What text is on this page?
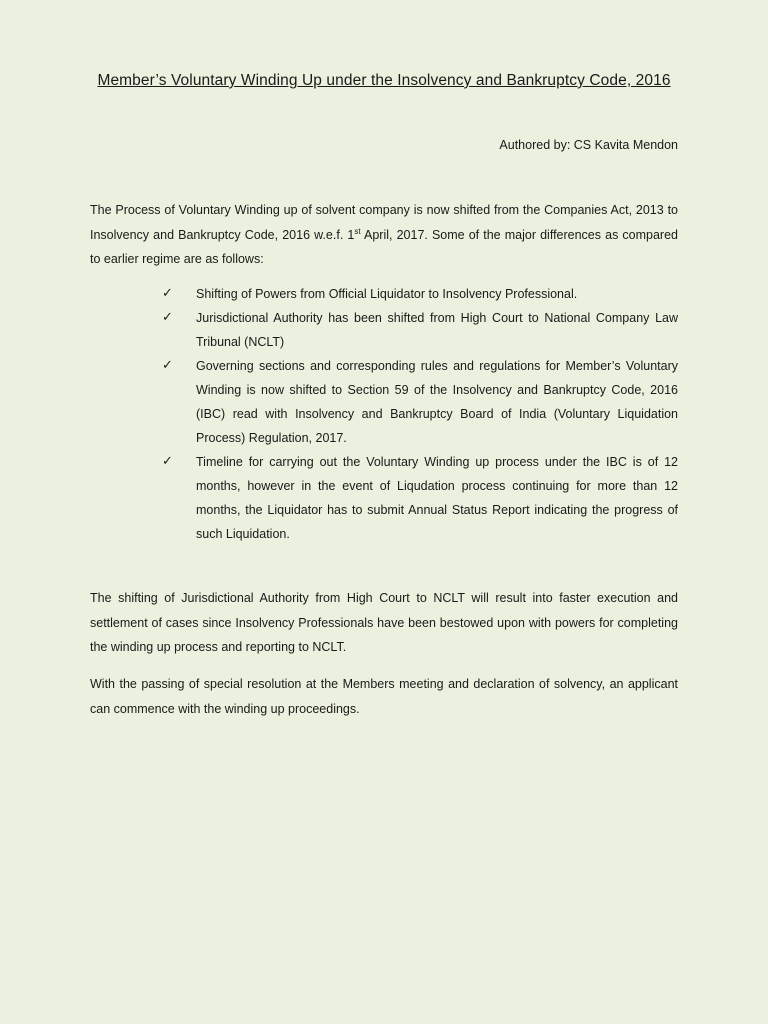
Member’s Voluntary Winding Up under the Insolvency and Bankruptcy Code, 2016

Authored by: CS Kavita Mendon

The Process of Voluntary Winding up of solvent company is now shifted from the Companies Act, 2013 to Insolvency and Bankruptcy Code, 2016 w.e.f. 1st April, 2017. Some of the major differences as compared to earlier regime are as follows:

✓ Shifting of Powers from Official Liquidator to Insolvency Professional.
✓ Jurisdictional Authority has been shifted from High Court to National Company Law Tribunal (NCLT)
✓ Governing sections and corresponding rules and regulations for Member’s Voluntary Winding is now shifted to Section 59 of the Insolvency and Bankruptcy Code, 2016 (IBC) read with Insolvency and Bankruptcy Board of India (Voluntary Liquidation Process) Regulation, 2017.
✓ Timeline for carrying out the Voluntary Winding up process under the IBC is of 12 months, however in the event of Liqudation process continuing for more than 12 months, the Liquidator has to submit Annual Status Report indicating the progress of such Liquidation.

The shifting of Jurisdictional Authority from High Court to NCLT will result into faster execution and settlement of cases since Insolvency Professionals have been bestowed upon with powers for completing the winding up process and reporting to NCLT.

With the passing of special resolution at the Members meeting and declaration of solvency, an applicant can commence with the winding up proceedings.
